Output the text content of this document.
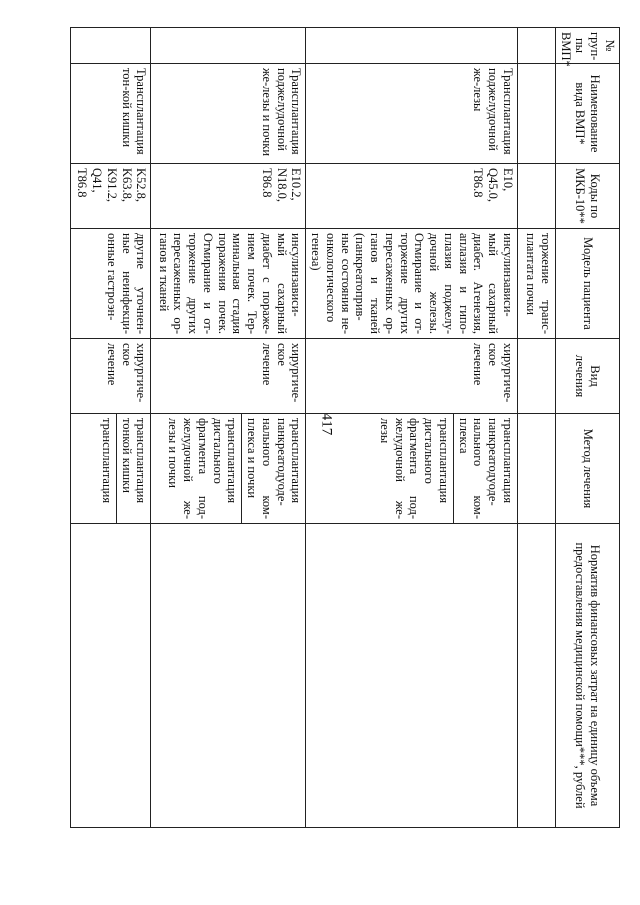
417
№ груп-пы ВМП*	Наименование вида ВМП*	Коды по МКБ-10**	Модель пациента	Вид лечения	Метод лечения	Норматив финансовых затрат на единицу объема предоставления медицинской помощи***, рублей
			торжение транс-плантата почки			
	Трансплантация поджелудочной же-лезы	E10, Q45.0, T86.8	инсулинзависи-мый сахарный диабет. Агенезия, аплазия и гипо-плазия поджелу-дочной железы. Отмирание и от-торжение других пересаженных ор-ганов и тканей (панкреатоприв-ные состояния не-онкологического генеза)	хирургиче-ское лечение	трансплантация панкреатодуоде-нального ком-плекса
трансплантация дистального фрагмента под-желудочной же-лезы	

	Трансплантация поджелудочной же-лезы и почки	E10.2, N18.0, T86.8	инсулинзависи-мый сахарный диабет с пораже-нием почек. Тер-минальная стадия поражения почек. Отмирание и от-торжение других пересаженных ор-ганов и тканей	хирургиче-ское лечение	трансплантация панкреатодуоде-нального ком-плекса и почки
трансплантация дистального фрагмента под-желудочной же-лезы и почки	

	Трансплантация тон-кой кишки	K52.8, K63.8, K91.2, Q41, T86.8	другие уточнен-ные неинфекци-онные гастроэн-	хирургиче-ское лечение	трансплантация тонкой кишки
трансплантация	
